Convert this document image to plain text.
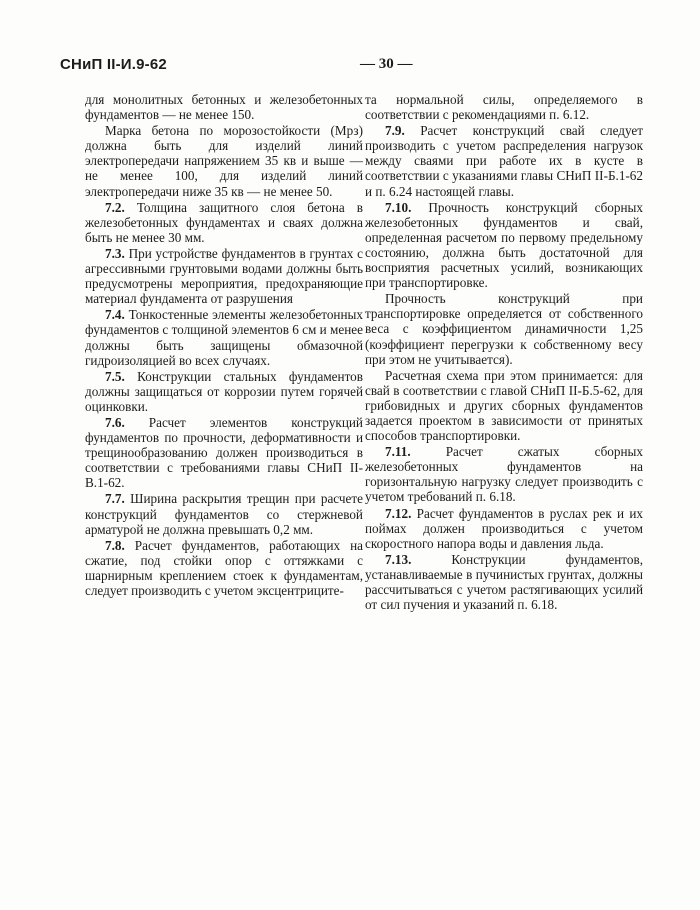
СНиП II-И.9-62	— 30 —

для монолитных бетонных и железобетонных фундаментов — не менее 150.

Марка бетона по морозостойкости (Мрз) должна быть для изделий линий электропередачи напряжением 35 кв и выше — не менее 100, для изделий линий электропередачи ниже 35 кв — не менее 50.

7.2. Толщина защитного слоя бетона в железобетонных фундаментах и сваях должна быть не менее 30 мм.

7.3. При устройстве фундаментов в грунтах с агрессивными грунтовыми водами должны быть предусмотрены мероприятия, предохраняющие материал фундамента от разрушения

7.4. Тонкостенные элементы железобетонных фундаментов с толщиной элементов 6 см и менее должны быть защищены обмазочной гидроизоляцией во всех случаях.

7.5. Конструкции стальных фундаментов должны защищаться от коррозии путем горячей оцинковки.

7.6. Расчет элементов конструкций фундаментов по прочности, деформативности и трещинообразованию должен производиться в соответствии с требованиями главы СНиП II-В.1-62.

7.7. Ширина раскрытия трещин при расчете конструкций фундаментов со стержневой арматурой не должна превышать 0,2 мм.

7.8. Расчет фундаментов, работающих на сжатие, под стойки опор с оттяжками с шарнирным креплением стоек к фундаментам, следует производить с учетом эксцентриците-

та нормальной силы, определяемого в соответствии с рекомендациями п. 6.12.

7.9. Расчет конструкций свай следует производить с учетом распределения нагрузок между сваями при работе их в кусте в соответствии с указаниями главы СНиП II-Б.1-62 и п. 6.24 настоящей главы.

7.10. Прочность конструкций сборных железобетонных фундаментов и свай, определенная расчетом по первому предельному состоянию, должна быть достаточной для восприятия расчетных усилий, возникающих при транспортировке.

Прочность конструкций при транспортировке определяется от собственного веса с коэффициентом динамичности 1,25 (коэффициент перегрузки к собственному весу при этом не учитывается).

Расчетная схема при этом принимается: для свай в соответствии с главой СНиП II-Б.5-62, для грибовидных и других сборных фундаментов задается проектом в зависимости от принятых способов транспортировки.

7.11.	Расчет сжатых сборных железобетонных фундаментов на горизонтальную нагрузку следует производить с учетом требований п. 6.18.

7.12. Расчет фундаментов в руслах рек и их поймах должен производиться с учетом скоростного напора воды и давления льда.

7.13.	Конструкции фундаментов, устанавливаемые в пучинистых грунтах, должны рассчитываться с учетом растягивающих усилий от сил пучения и указаний п. 6.18.
